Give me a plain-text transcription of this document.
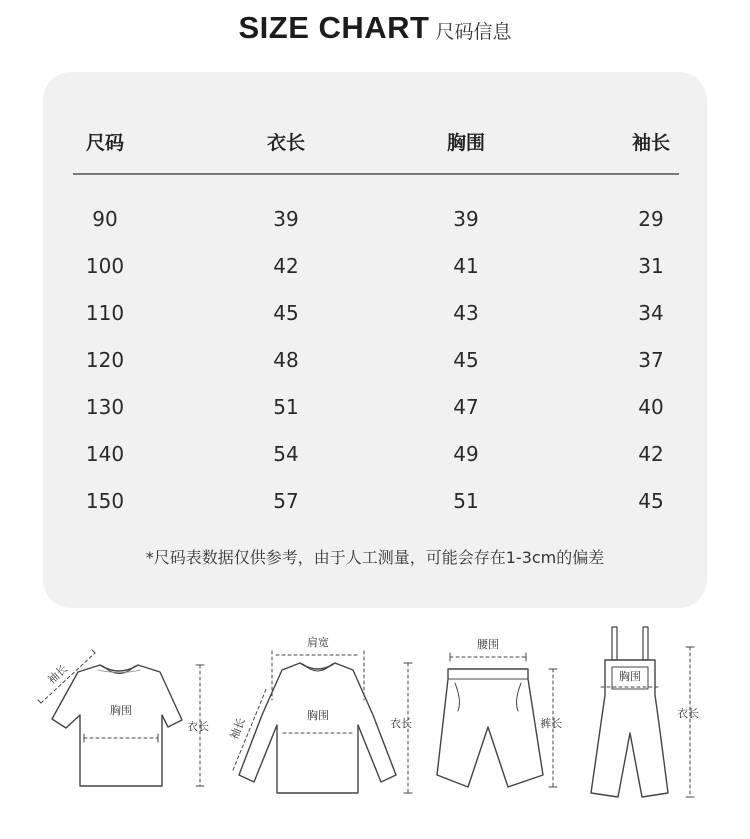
SIZE CHART 尺码信息
尺码	衣长	胸围	袖长
90	39	39	29
100	42	41	31
110	45	43	34
120	48	45	37
130	51	47	40
140	54	49	42
150	57	51	45
*尺码表数据仅供参考，由于人工测量，可能会存在1-3cm的偏差
袖长
胸围
衣长
肩宽
袖长
胸围
衣长
腰围
裤长
胸围
衣长
